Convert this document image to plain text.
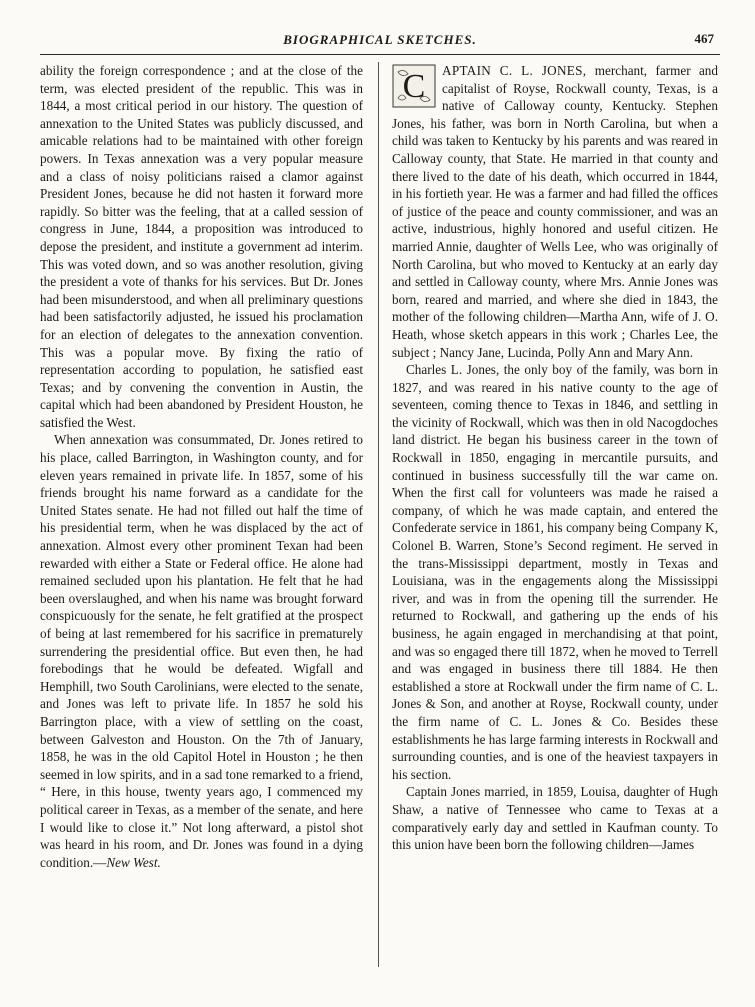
BIOGRAPHICAL SKETCHES.	467

ability the foreign correspondence ; and at the close of the term, was elected president of the republic. This was in 1844, a most critical period in our history. The question of annexation to the United States was publicly discussed, and amicable relations had to be maintained with other foreign powers. In Texas annexation was a very popular measure and a class of noisy politicians raised a clamor against President Jones, because he did not hasten it forward more rapidly. So bitter was the feeling, that at a called session of congress in June, 1844, a proposition was introduced to depose the president, and institute a government ad interim. This was voted down, and so was another resolution, giving the president a vote of thanks for his services. But Dr. Jones had been misunderstood, and when all preliminary questions had been satisfactorily adjusted, he issued his proclamation for an election of delegates to the annexation convention. This was a popular move. By fixing the ratio of representation according to population, he satisfied east Texas; and by convening the convention in Austin, the capital which had been abandoned by President Houston, he satisfied the West.

When annexation was consummated, Dr. Jones retired to his place, called Barrington, in Washington county, and for eleven years remained in private life. In 1857, some of his friends brought his name forward as a candidate for the United States senate. He had not filled out half the time of his presidential term, when he was displaced by the act of annexation. Almost every other prominent Texan had been rewarded with either a State or Federal office. He alone had remained secluded upon his plantation. He felt that he had been overslaughed, and when his name was brought forward conspicuously for the senate, he felt gratified at the prospect of being at last remembered for his sacrifice in prematurely surrendering the presidential office. But even then, he had forebodings that he would be defeated. Wigfall and Hemphill, two South Carolinians, were elected to the senate, and Jones was left to private life. In 1857 he sold his Barrington place, with a view of settling on the coast, between Galveston and Houston. On the 7th of January, 1858, he was in the old Capitol Hotel in Houston ; he then seemed in low spirits, and in a sad tone remarked to a friend, “ Here, in this house, twenty years ago, I commenced my political career in Texas, as a member of the senate, and here I would like to close it.” Not long afterward, a pistol shot was heard in his room, and Dr. Jones was found in a dying condition.—New West.

C APTAIN C. L. JONES, merchant, farmer and capitalist of Royse, Rockwall county, Texas, is a native of Calloway county, Kentucky. Stephen Jones, his father, was born in North Carolina, but when a child was taken to Kentucky by his parents and was reared in Calloway county, that State. He married in that county and there lived to the date of his death, which occurred in 1844, in his fortieth year. He was a farmer and had filled the offices of justice of the peace and county commissioner, and was an active, industrious, highly honored and useful citizen. He married Annie, daughter of Wells Lee, who was originally of North Carolina, but who moved to Kentucky at an early day and settled in Calloway county, where Mrs. Annie Jones was born, reared and married, and where she died in 1843, the mother of the following children—Martha Ann, wife of J. O. Heath, whose sketch appears in this work ; Charles Lee, the subject ; Nancy Jane, Lucinda, Polly Ann and Mary Ann.

Charles L. Jones, the only boy of the family, was born in 1827, and was reared in his native county to the age of seventeen, coming thence to Texas in 1846, and settling in the vicinity of Rockwall, which was then in old Nacogdoches land district. He began his business career in the town of Rockwall in 1850, engaging in mercantile pursuits, and continued in business successfully till the war came on. When the first call for volunteers was made he raised a company, of which he was made captain, and entered the Confederate service in 1861, his company being Company K, Colonel B. Warren, Stone’s Second regiment. He served in the trans-Mississippi department, mostly in Texas and Louisiana, was in the engagements along the Mississippi river, and was in from the opening till the surrender. He returned to Rockwall, and gathering up the ends of his business, he again engaged in merchandising at that point, and was so engaged there till 1872, when he moved to Terrell and was engaged in business there till 1884. He then established a store at Rockwall under the firm name of C. L. Jones & Son, and another at Royse, Rockwall county, under the firm name of C. L. Jones & Co. Besides these establishments he has large farming interests in Rockwall and surrounding counties, and is one of the heaviest taxpayers in his section.

Captain Jones married, in 1859, Louisa, daughter of Hugh Shaw, a native of Tennessee who came to Texas at a comparatively early day and settled in Kaufman county. To this union have been born the following children—James
